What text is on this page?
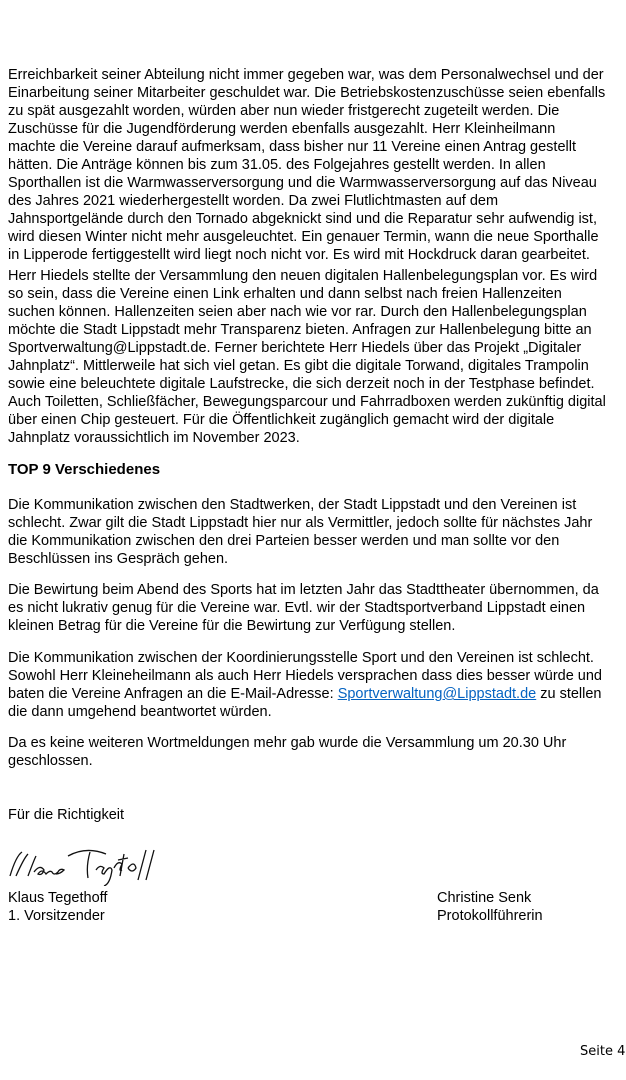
Erreichbarkeit seiner Abteilung nicht immer gegeben war, was dem Personalwechsel und der
Einarbeitung seiner Mitarbeiter geschuldet war. Die Betriebskostenzuschüsse seien ebenfalls
zu spät ausgezahlt worden, würden aber nun wieder fristgerecht zugeteilt werden. Die
Zuschüsse für die Jugendförderung werden ebenfalls ausgezahlt. Herr Kleinheilmann
machte die Vereine darauf aufmerksam, dass bisher nur 11 Vereine einen Antrag gestellt
hätten. Die Anträge können bis zum 31.05. des Folgejahres gestellt werden. In allen
Sporthallen ist die Warmwasserversorgung und die Warmwasserversorgung auf das Niveau
des Jahres 2021 wiederhergestellt worden. Da zwei Flutlichtmasten auf dem
Jahnsportgelände durch den Tornado abgeknickt sind und die Reparatur sehr aufwendig ist,
wird diesen Winter nicht mehr ausgeleuchtet. Ein genauer Termin, wann die neue Sporthalle
in Lipperode fertiggestellt wird liegt noch nicht vor. Es wird mit Hockdruck daran gearbeitet.
Herr Hiedels stellte der Versammlung den neuen digitalen Hallenbelegungsplan vor. Es wird
so sein, dass die Vereine einen Link erhalten und dann selbst nach freien Hallenzeiten
suchen können. Hallenzeiten seien aber nach wie vor rar. Durch den Hallenbelegungsplan
möchte die Stadt Lippstadt mehr Transparenz bieten. Anfragen zur Hallenbelegung bitte an
Sportverwaltung@Lippstadt.de. Ferner berichtete Herr Hiedels über das Projekt „Digitaler
Jahnplatz“. Mittlerweile hat sich viel getan. Es gibt die digitale Torwand, digitales Trampolin
sowie eine beleuchtete digitale Laufstrecke, die sich derzeit noch in der Testphase befindet.
Auch Toiletten, Schließfächer, Bewegungsparcour und Fahrradboxen werden zukünftig digital
über einen Chip gesteuert. Für die Öffentlichkeit zugänglich gemacht wird der digitale
Jahnplatz voraussichtlich im November 2023.
TOP 9 Verschiedenes
Die Kommunikation zwischen den Stadtwerken, der Stadt Lippstadt und den Vereinen ist
schlecht. Zwar gilt die Stadt Lippstadt hier nur als Vermittler, jedoch sollte für nächstes Jahr
die Kommunikation zwischen den drei Parteien besser werden und man sollte vor den
Beschlüssen ins Gespräch gehen.
Die Bewirtung beim Abend des Sports hat im letzten Jahr das Stadttheater übernommen, da
es nicht lukrativ genug für die Vereine war. Evtl. wir der Stadtsportverband Lippstadt einen
kleinen Betrag für die Vereine für die Bewirtung zur Verfügung stellen.
Die Kommunikation zwischen der Koordinierungsstelle Sport und den Vereinen ist schlecht.
Sowohl Herr Kleineheilmann als auch Herr Hiedels versprachen dass dies besser würde und
baten die Vereine Anfragen an die E-Mail-Adresse: Sportverwaltung@Lippstadt.de zu stellen
die dann umgehend beantwortet würden.
Da es keine weiteren Wortmeldungen mehr gab wurde die Versammlung um 20.30 Uhr
geschlossen.
Für die Richtigkeit
Klaus Tegethoff
1. Vorsitzender
Christine Senk
Protokollführerin
Seite 4
